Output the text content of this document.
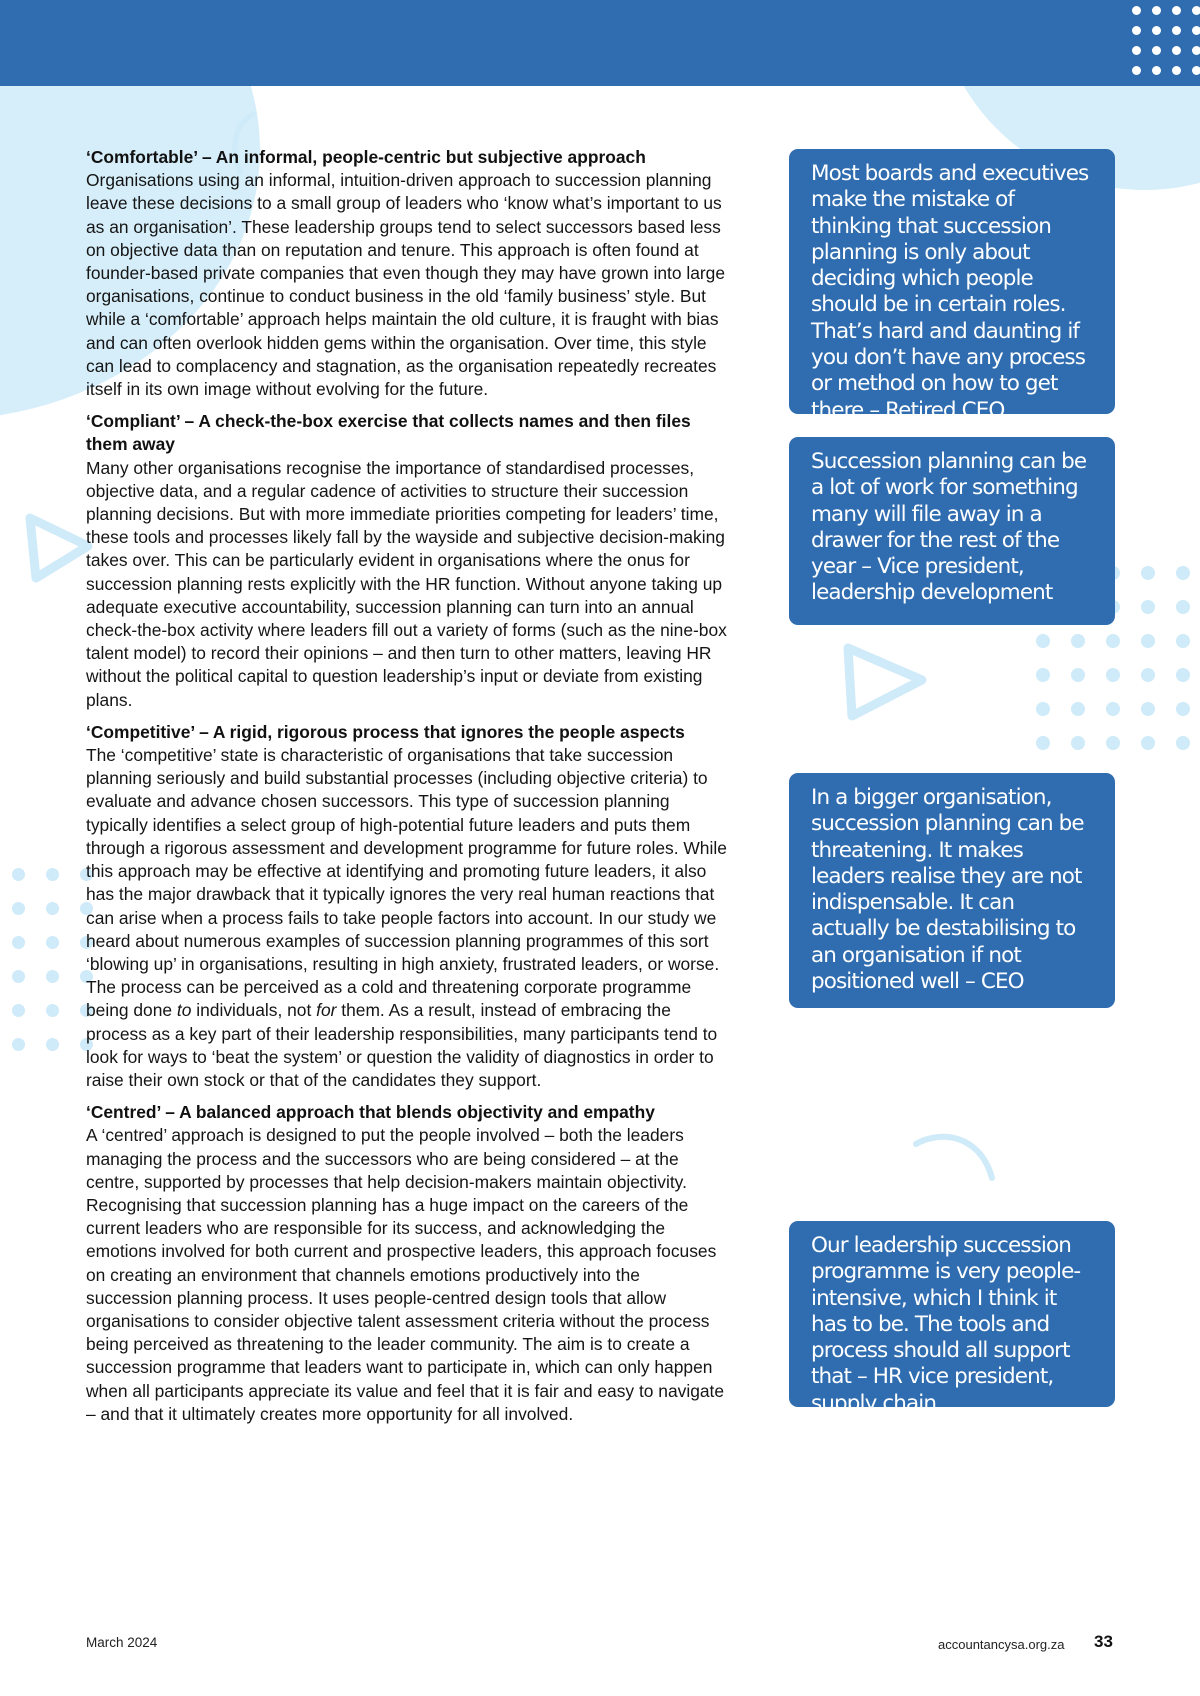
‘Comfortable’ – An informal, people-centric but subjective approach

Organisations using an informal, intuition-driven approach to succession planning leave these decisions to a small group of leaders who ‘know what’s important to us as an organisation’. These leadership groups tend to select successors based less on objective data than on reputation and tenure. This approach is often found at founder-based private companies that even though they may have grown into large organisations, continue to conduct business in the old ‘family business’ style. But while a ‘comfortable’ approach helps maintain the old culture, it is fraught with bias and can often overlook hidden gems within the organisation. Over time, this style can lead to complacency and stagnation, as the organisation repeatedly recreates itself in its own image without evolving for the future.

‘Compliant’ – A check-the-box exercise that collects names and then files them away

Many other organisations recognise the importance of standardised processes, objective data, and a regular cadence of activities to structure their succession planning decisions. But with more immediate priorities competing for leaders’ time, these tools and processes likely fall by the wayside and subjective decision-making takes over. This can be particularly evident in organisations where the onus for succession planning rests explicitly with the HR function. Without anyone taking up adequate executive accountability, succession planning can turn into an annual check-the-box activity where leaders fill out a variety of forms (such as the nine-box talent model) to record their opinions – and then turn to other matters, leaving HR without the political capital to question leadership’s input or deviate from existing plans.

‘Competitive’ – A rigid, rigorous process that ignores the people aspects

The ‘competitive’ state is characteristic of organisations that take succession planning seriously and build substantial processes (including objective criteria) to evaluate and advance chosen successors. This type of succession planning typically identifies a select group of high-potential future leaders and puts them through a rigorous assessment and development programme for future roles. While this approach may be effective at identifying and promoting future leaders, it also has the major drawback that it typically ignores the very real human reactions that can arise when a process fails to take people factors into account. In our study we heard about numerous examples of succession planning programmes of this sort ‘blowing up’ in organisations, resulting in high anxiety, frustrated leaders, or worse. The process can be perceived as a cold and threatening corporate programme being done to individuals, not for them. As a result, instead of embracing the process as a key part of their leadership responsibilities, many participants tend to look for ways to ‘beat the system’ or question the validity of diagnostics in order to raise their own stock or that of the candidates they support.

‘Centred’ – A balanced approach that blends objectivity and empathy

A ‘centred’ approach is designed to put the people involved – both the leaders managing the process and the successors who are being considered – at the centre, supported by processes that help decision-makers maintain objectivity. Recognising that succession planning has a huge impact on the careers of the current leaders who are responsible for its success, and acknowledging the emotions involved for both current and prospective leaders, this approach focuses on creating an environment that channels emotions productively into the succession planning process. It uses people-centred design tools that allow organisations to consider objective talent assessment criteria without the process being perceived as threatening to the leader community. The aim is to create a succession programme that leaders want to participate in, which can only happen when all participants appreciate its value and feel that it is fair and easy to navigate – and that it ultimately creates more opportunity for all involved.

Most boards and executives make the mistake of thinking that succession planning is only about deciding which people should be in certain roles. That’s hard and daunting if you don’t have any process or method on how to get there – Retired CEO
Succession planning can be a lot of work for something many will file away in a drawer for the rest of the year – Vice president, leadership development
In a bigger organisation, succession planning can be threatening. It makes leaders realise they are not indispensable. It can actually be destabilising to an organisation if not positioned well – CEO
Our leadership succession programme is very people-intensive, which I think it has to be. The tools and process should all support that – HR vice president, supply chain
March 2024	accountancysa.org.za 33
